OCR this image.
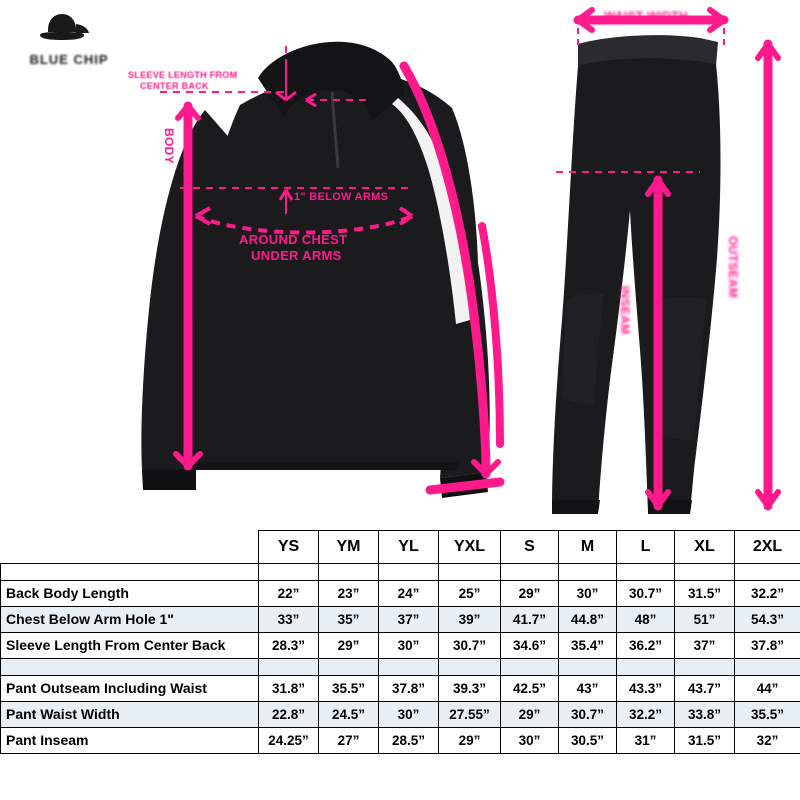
BLUE CHIP
SLEEVE LENGTH FROM
CENTER BACK
BODY
1" BELOW ARMS
AROUND CHEST
UNDER ARMS
WAIST WIDTH
OUTSEAM
INSEAM
	YS	YM	YL	YXL	S	M	L	XL	2XL

Back Body Length	22”	23”	24”	25”	29”	30”	30.7”	31.5”	32.2”
Chest Below Arm Hole 1"	33”	35”	37”	39”	41.7”	44.8”	48”	51”	54.3”
Sleeve Length From Center Back	28.3”	29”	30”	30.7”	34.6”	35.4”	36.2”	37”	37.8”

Pant Outseam Including Waist	31.8”	35.5”	37.8”	39.3”	42.5”	43”	43.3”	43.7”	44”
Pant Waist Width	22.8”	24.5”	30”	27.55”	29”	30.7”	32.2”	33.8”	35.5”
Pant Inseam	24.25”	27”	28.5”	29”	30”	30.5”	31”	31.5”	32”
